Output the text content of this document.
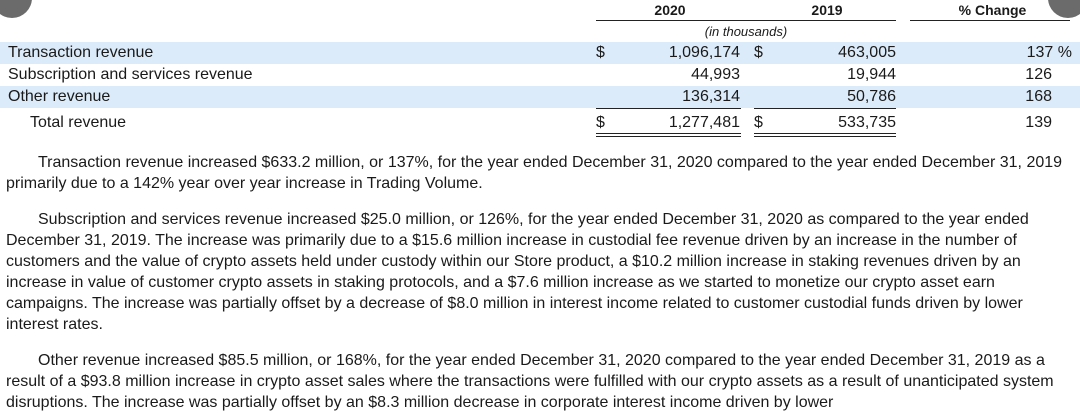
2020	2019	% Change
(in thousands)
Transaction revenue	$	1,096,174 $	463,005	137 %
Subscription and services revenue	44,993	19,944	126
Other revenue	136,314	50,786	168
Total revenue	$	1,277,481 $	533,735	139

Transaction revenue increased $633.2 million, or 137%, for the year ended December 31, 2020 compared to the year ended December 31, 2019 primarily due to a 142% year over year increase in Trading Volume.

Subscription and services revenue increased $25.0 million, or 126%, for the year ended December 31, 2020 as compared to the year ended December 31, 2019. The increase was primarily due to a $15.6 million increase in custodial fee revenue driven by an increase in the number of customers and the value of crypto assets held under custody within our Store product, a $10.2 million increase in staking revenues driven by an increase in value of customer crypto assets in staking protocols, and a $7.6 million increase as we started to monetize our crypto asset earn campaigns. The increase was partially offset by a decrease of $8.0 million in interest income related to customer custodial funds driven by lower interest rates.

Other revenue increased $85.5 million, or 168%, for the year ended December 31, 2020 compared to the year ended December 31, 2019 as a result of a $93.8 million increase in crypto asset sales where the transactions were fulfilled with our crypto assets as a result of unanticipated system disruptions. The increase was partially offset by an $8.3 million decrease in corporate interest income driven by lower
